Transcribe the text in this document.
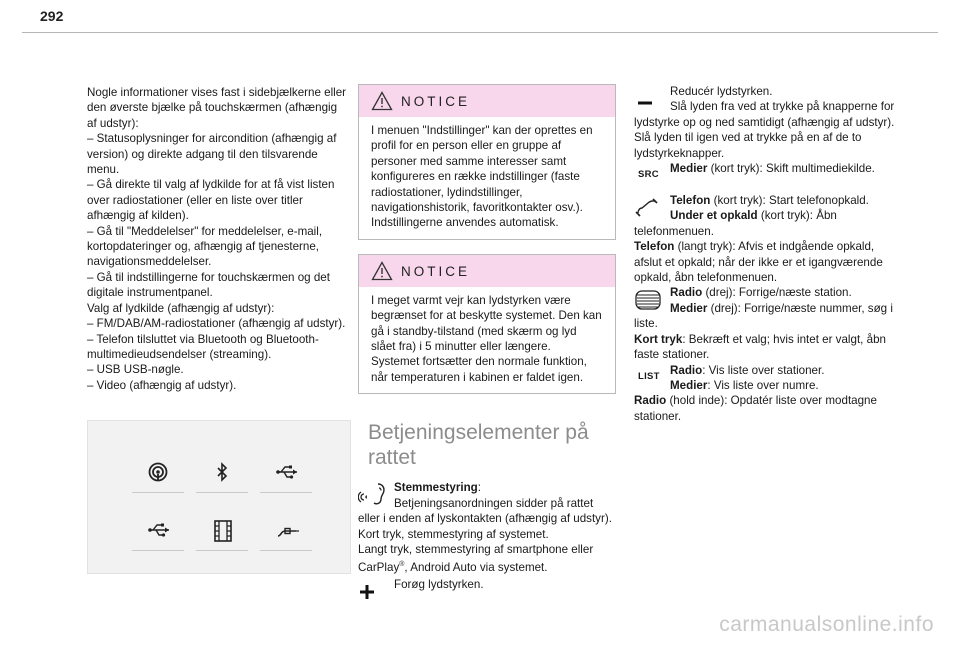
292

Nogle informationer vises fast i sidebjælkerne eller den øverste bjælke på touchskærmen (afhængig af udstyr):

– Statusoplysninger for aircondition (afhængig af version) og direkte adgang til den tilsvarende menu.

– Gå direkte til valg af lydkilde for at få vist listen over radiostationer (eller en liste over titler afhængig af kilden).

– Gå til "Meddelelser" for meddelelser, e-mail, kortopdateringer og, afhængig af tjenesterne, navigationsmeddelelser.

– Gå til indstillingerne for touchskærmen og det digitale instrumentpanel.

Valg af lydkilde (afhængig af udstyr):

– FM/DAB/AM-radiostationer (afhængig af udstyr).

– Telefon tilsluttet via Bluetooth og Bluetooth-multimedieudsendelser (streaming).

– USB USB-nøgle.

– Video (afhængig af udstyr).

NOTICE
I menuen "Indstillinger" kan der oprettes en profil for en person eller en gruppe af personer med samme interesser samt konfigureres en række indstillinger (faste radiostationer, lydindstillinger, navigationshistorik, favoritkontakter osv.). Indstillingerne anvendes automatisk.
NOTICE

I meget varmt vejr kan lydstyrken være begrænset for at beskytte systemet. Den kan gå i standby-tilstand (med skærm og lyd slået fra) i 5 minutter eller længere.

Systemet fortsætter den normale funktion, når temperaturen i kabinen er faldet igen.

Betjeningselementer på rattet
Stemmestyring:
Betjeningsanordningen sidder på rattet eller i enden af lyskontakten (afhængig af udstyr).
Kort tryk, stemmestyring af systemet.
Langt tryk, stemmestyring af smartphone eller CarPlay®, Android Auto via systemet.
Forøg lydstyrken.
Reducér lydstyrken.
Slå lyden fra ved at trykke på knapperne for lydstyrke op og ned samtidigt (afhængig af udstyr).
Slå lyden til igen ved at trykke på en af de to lydstyrkeknapper.
SRC Medier (kort tryk): Skift multimediekilde.
Telefon (kort tryk): Start telefonopkald.
Under et opkald (kort tryk): Åbn telefonmenuen.
Telefon (langt tryk): Afvis et indgående opkald, afslut et opkald; når der ikke er et igangværende opkald, åbn telefonmenuen.
Radio (drej): Forrige/næste station.
Medier (drej): Forrige/næste nummer, søg i liste.
Kort tryk: Bekræft et valg; hvis intet er valgt, åbn faste stationer.
LIST Radio: Vis liste over stationer.
Medier: Vis liste over numre.
Radio (hold inde): Opdatér liste over modtagne stationer.
carmanualsonline.info
